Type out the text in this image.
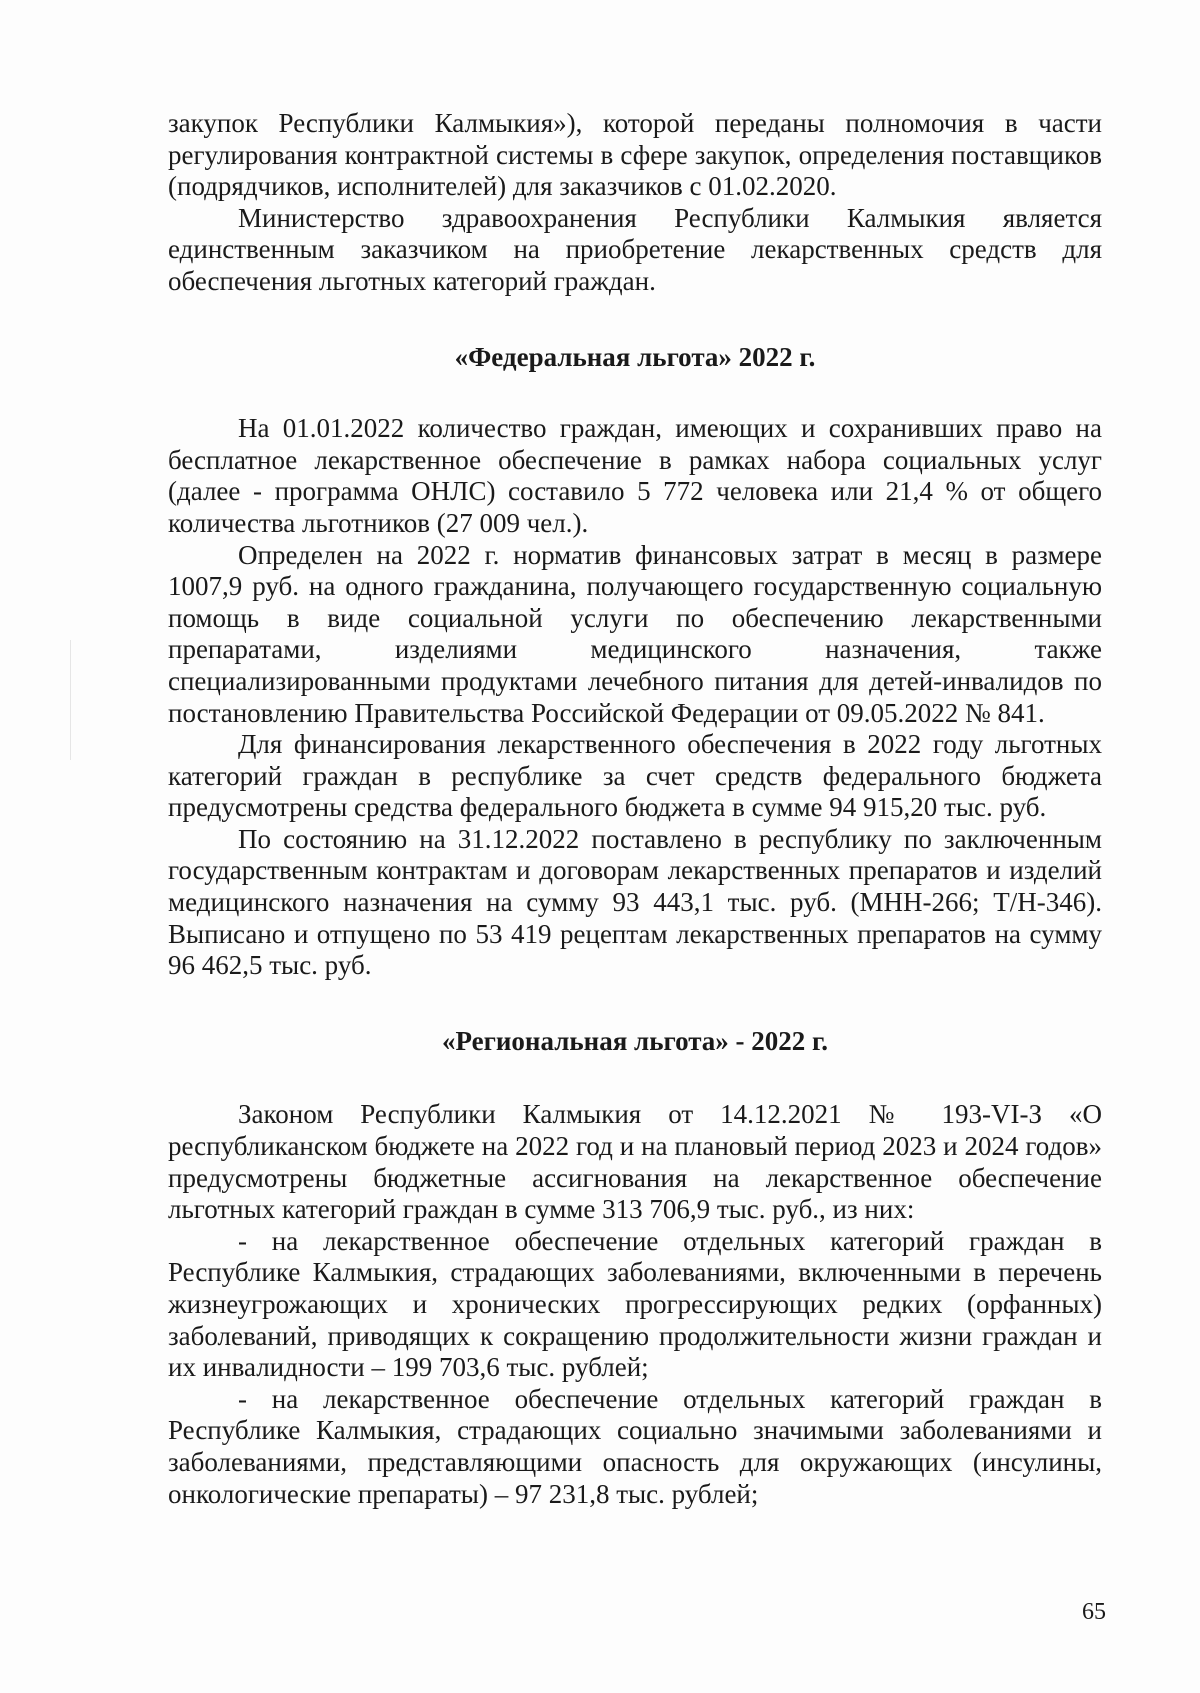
закупок Республики Калмыкия»), которой переданы полномочия в части регулирования контрактной системы в сфере закупок, определения поставщиков (подрядчиков, исполнителей) для заказчиков с 01.02.2020.

Министерство здравоохранения Республики Калмыкия является единственным заказчиком на приобретение лекарственных средств для обеспечения льготных категорий граждан.

«Федеральная льгота» 2022 г.

На 01.01.2022 количество граждан, имеющих и сохранивших право на бесплатное лекарственное обеспечение в рамках набора социальных услуг (далее - программа ОНЛС) составило 5 772 человека или 21,4 % от общего количества льготников (27 009 чел.).

Определен на 2022 г. норматив финансовых затрат в месяц в размере 1007,9 руб. на одного гражданина, получающего государственную социальную помощь в виде социальной услуги по обеспечению лекарственными препаратами, изделиями медицинского назначения, также специализированными продуктами лечебного питания для детей-инвалидов по постановлению Правительства Российской Федерации от 09.05.2022 № 841.

Для финансирования лекарственного обеспечения в 2022 году льготных категорий граждан в республике за счет средств федерального бюджета предусмотрены средства федерального бюджета в сумме 94 915,20 тыс. руб.

По состоянию на 31.12.2022 поставлено в республику по заключенным государственным контрактам и договорам лекарственных препаратов и изделий медицинского назначения на сумму 93 443,1 тыс. руб. (МНН-266; Т/Н-346). Выписано и отпущено по 53 419 рецептам лекарственных препаратов на сумму 96 462,5 тыс. руб.

«Региональная льгота» - 2022 г.

Законом Республики Калмыкия от 14.12.2021 № 193-VI-З «О республиканском бюджете на 2022 год и на плановый период 2023 и 2024 годов» предусмотрены бюджетные ассигнования на лекарственное обеспечение льготных категорий граждан в сумме 313 706,9 тыс. руб., из них:

- на лекарственное обеспечение отдельных категорий граждан в Республике Калмыкия, страдающих заболеваниями, включенными в перечень жизнеугрожающих и хронических прогрессирующих редких (орфанных) заболеваний, приводящих к сокращению продолжительности жизни граждан и их инвалидности – 199 703,6 тыс. рублей;

- на лекарственное обеспечение отдельных категорий граждан в Республике Калмыкия, страдающих социально значимыми заболеваниями и заболеваниями, представляющими опасность для окружающих (инсулины, онкологические препараты) – 97 231,8 тыс. рублей;

65
